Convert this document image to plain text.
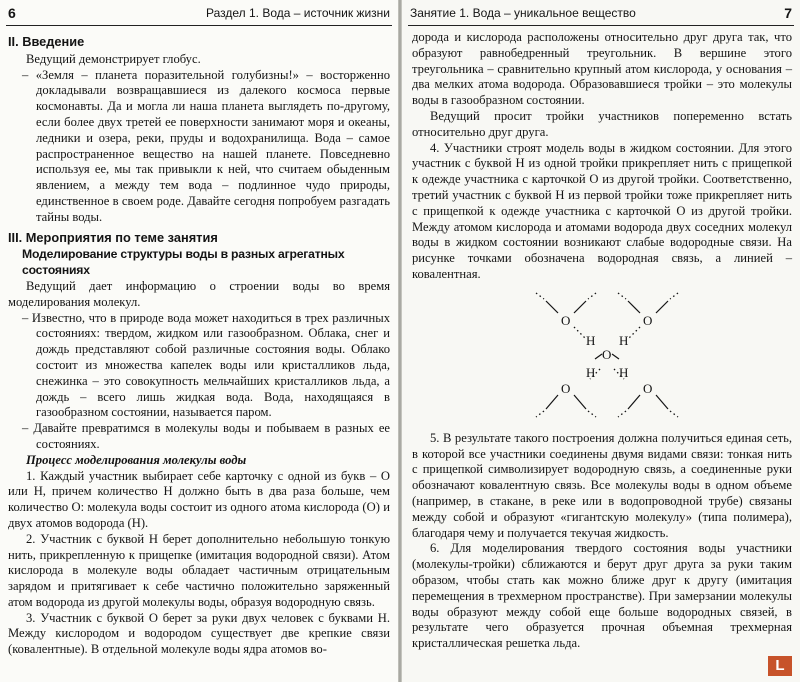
6	Раздел 1. Вода – источник жизни
II. Введение

Ведущий демонстрирует глобус.

– «Земля – планета поразительной голубизны!» – восторженно докладывали возвращавшиеся из далекого космоса первые космонавты. Да и могла ли наша планета выглядеть по-другому, если более двух третей ее поверхности занимают моря и океаны, ледники и озера, реки, пруды и водохранилища. Вода – самое распространенное вещество на нашей планете. Повседневно используя ее, мы так привыкли к ней, что считаем обыденным явлением, а между тем вода – подлинное чудо природы, единственное в своем роде. Давайте сегодня попробуем разгадать тайны воды.

III. Мероприятия по теме занятия
Моделирование структуры воды в разных агрегатных состояниях

Ведущий дает информацию о строении воды во время моделирования молекул.

– Известно, что в природе вода может находиться в трех различных состояниях: твердом, жидком или газообразном. Облака, снег и дождь представляют собой различные состояния воды. Облако состоит из множества капелек воды или кристалликов льда, снежинка – это совокупность мельчайших кристалликов льда, а дождь – всего лишь жидкая вода. Вода, находящаяся в газообразном состоянии, называется паром.

– Давайте превратимся в молекулы воды и побываем в разных ее состояниях.

Процесс моделирования молекулы воды

1. Каждый участник выбирает себе карточку с одной из букв – О или Н, причем количество Н должно быть в два раза больше, чем количество О: молекула воды состоит из одного атома кислорода (О) и двух атомов водорода (Н).

2. Участник с буквой Н берет дополнительно небольшую тонкую нить, прикрепленную к прищепке (имитация водородной связи). Атом кислорода в молекуле воды обладает частичным отрицательным зарядом и притягивает к себе частично положительно заряженный атом водорода из другой молекулы воды, образуя водородную связь.

3. Участник с буквой О берет за руки двух человек с буквами Н. Между кислородом и водородом существует две крепкие связи (ковалентные). В отдельной молекуле воды ядра атомов во-

Занятие 1. Вода – уникальное вещество	7

дорода и кислорода расположены относительно друг друга так, что образуют равнобедренный треугольник. В вершине этого треугольника – сравнительно крупный атом кислорода, у основания – два мелких атома водорода. Образовавшиеся тройки – это молекулы воды в газообразном состоянии.

Ведущий просит тройки участников попеременно встать относительно друг друга.

4. Участники строят модель воды в жидком состоянии. Для этого участник с буквой Н из одной тройки прикрепляет нить с прищепкой к одежде участника с карточкой О из другой тройки. Соответственно, третий участник с буквой Н из первой тройки тоже прикрепляет нить с прищепкой к одежде участника с карточкой О из другой тройки. Между атомом кислорода и атомами водорода двух соседних молекул воды в жидком состоянии возникают слабые водородные связи. На рисунке точками обозначена водородная связь, а линией – ковалентная.

O	O
O
O	O
H H
H H

5. В результате такого построения должна получиться единая сеть, в которой все участники соединены двумя видами связи: тонкая нить с прищепкой символизирует водородную связь, а соединенные руки обозначают ковалентную связь. Все молекулы воды в одном объеме (например, в стакане, в реке или в водопроводной трубе) связаны между собой и образуют «гигантскую молекулу» (типа полимера), благодаря чему и получается текучая жидкость.

6. Для моделирования твердого состояния воды участники (молекулы-тройки) сближаются и берут друг друга за руки таким образом, чтобы стать как можно ближе друг к другу (имитация перемещения в трехмерном пространстве). При замерзании молекулы воды образуют между собой еще больше водородных связей, в результате чего образуется прочная объемная трехмерная кристаллическая решетка льда.

L
